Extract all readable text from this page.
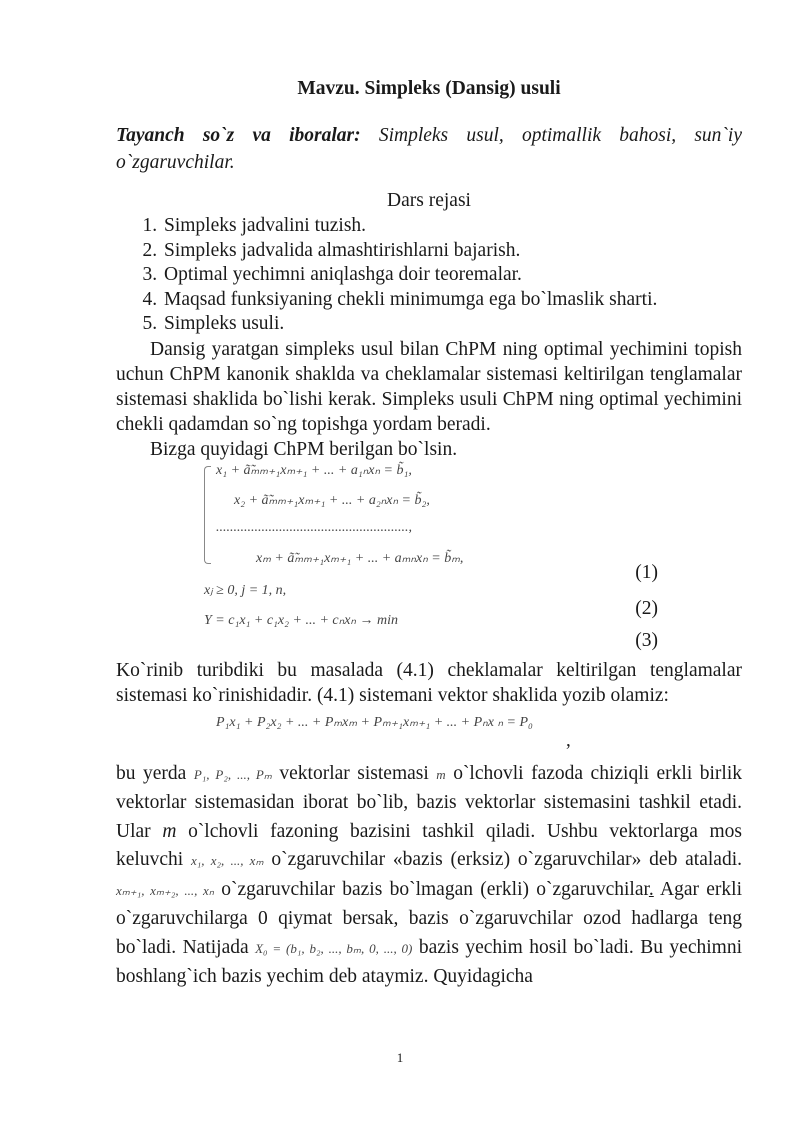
Mavzu. Simpleks (Dansig) usuli
Tayanch so`z va iboralar: Simpleks usul, optimallik bahosi, sun`iy o`zgaruvchilar.
Dars rejasi
1. Simpleks jadvalini tuzish.
2. Simpleks jadvalida almashtirishlarni bajarish.
3. Optimal yechimni aniqlashga doir teoremalar.
4. Maqsad funksiyaning chekli minimumga ega bo`lmaslik sharti.
5. Simpleks usuli.

Dansig yaratgan simpleks usul bilan ChPM ning optimal yechimini topish uchun ChPM kanonik shaklda va cheklamalar sistemasi keltirilgan tenglamalar sistemasi shaklida bo`lishi kerak. Simpleks usuli ChPM ning optimal yechimini chekli qadamdan so`ng topishga yordam beradi.

Bizga quyidagi ChPM berilgan bo`lsin.

x₁ + ã̃ₘₘ₊₁xₘ₊₁ + ... + a₁ₙxₙ = b̃₁,
x₂ + ã̃ₘₘ₊₁xₘ₊₁ + ... + a₂ₙxₙ = b̃₂,
.......................................................,
xₘ + ã̃ₘₘ₊₁xₘ₊₁ + ... + aₘₙxₙ = b̃ₘ,
xⱼ ≥ 0, j = 1, n,
Y = c₁x₁ + c₁x₂ + ... + cₙxₙ → min
(1)
(2)
(3)

Ko`rinib turibdiki bu masalada (4.1) cheklamalar keltirilgan tenglamalar sistemasi ko`rinishidadir. (4.1) sistemani vektor shaklida yozib olamiz:

P₁x₁ + P₂x₂ + ... + Pₘxₘ + Pₘ₊₁xₘ₊₁ + ... + Pₙx ₙ = P₀
,

bu yerda P₁, P₂, ..., Pₘ vektorlar sistemasi m o`lchovli fazoda chiziqli erkli birlik vektorlar sistemasidan iborat bo`lib, bazis vektorlar sistemasini tashkil etadi. Ular m o`lchovli fazoning bazisini tashkil qiladi. Ushbu vektorlarga mos keluvchi x₁, x₂, ..., xₘ o`zgaruvchilar «bazis (erksiz) o`zgaruvchilar» deb ataladi. xₘ₊₁, xₘ₊₂, ..., xₙ o`zgaruvchilar bazis bo`lmagan (erkli) o`zgaruvchilar. Agar erkli o`zgaruvchilarga 0 qiymat bersak, bazis o`zgaruvchilar ozod hadlarga teng bo`ladi. Natijada X₀ = (b₁, b₂, ..., bₘ, 0, ..., 0) bazis yechim hosil bo`ladi. Bu yechimni boshlang`ich bazis yechim deb ataymiz. Quyidagicha

1
